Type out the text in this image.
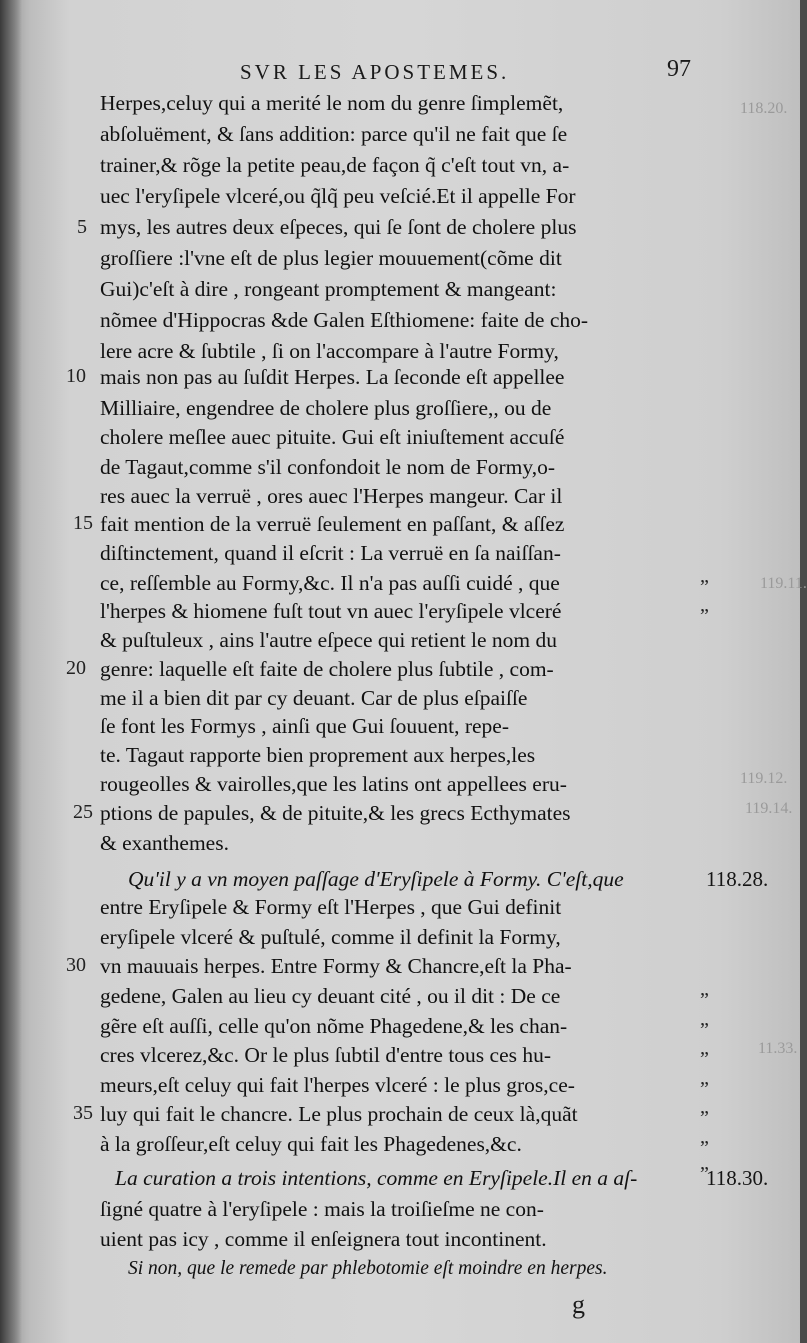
SVR LES APOSTEMES.	97
Herpes,celuy qui a merité le nom du genre ſimplemẽt,
abſoluëment, & ſans addition: parce qu'il ne fait que ſe
trainer,& rõge la petite peau,de façon q̃ c'eſt tout vn, a-
uec l'eryſipele vlceré,ou q̃lq̃ peu veſcié.Et il appelle For
mys, les autres deux eſpeces, qui ſe ſont de cholere plus
groſſiere :l'vne eſt de plus legier mouuement(cõme dit
Gui)c'eſt à dire , rongeant promptement & mangeant:
nõmee d'Hippocras &de Galen Eſthiomene: faite de cho-
lere acre & ſubtile , ſi on l'accompare à l'autre Formy,
mais non pas au ſuſdit Herpes. La ſeconde eſt appellee
Milliaire, engendree de cholere plus groſſiere,, ou de
cholere meſlee auec pituite. Gui eſt iniuſtement accuſé
de Tagaut,comme s'il confondoit le nom de Formy,o-
res auec la verruë , ores auec l'Herpes mangeur. Car il
fait mention de la verruë ſeulement en paſſant, & aſſez
diſtinctement, quand il eſcrit : La verruë en ſa naiſſan-
ce, reſſemble au Formy,&c. Il n'a pas auſſi cuidé , que
l'herpes & hiomene fuſt tout vn auec l'eryſipele vlceré
& puſtuleux , ains l'autre eſpece qui retient le nom du
genre: laquelle eſt faite de cholere plus ſubtile , com-
me il a bien dit par cy deuant. Car de plus eſpaiſſe
ſe font les Formys , ainſi que Gui ſouuent, repe-
te. Tagaut rapporte bien proprement aux herpes,les
rougeolles & vairolles,que les latins ont appellees eru-
ptions de papules, & de pituite,& les grecs Ecthymates
& exanthemes.
Qu'il y a vn moyen paſſage d'Eryſipele à Formy. C'eſt,que
entre Eryſipele & Formy eſt l'Herpes , que Gui definit
eryſipele vlceré & puſtulé, comme il definit la Formy,
vn mauuais herpes. Entre Formy & Chancre,eſt la Pha-
gedene, Galen au lieu cy deuant cité , ou il dit : De ce
gẽre eſt auſſi, celle qu'on nõme Phagedene,& les chan-
cres vlcerez,&c. Or le plus ſubtil d'entre tous ces hu-
meurs,eſt celuy qui fait l'herpes vlceré : le plus gros,ce-
luy qui fait le chancre. Le plus prochain de ceux là,quãt
à la groſſeur,eſt celuy qui fait les Phagedenes,&c.
La curation a trois intentions, comme en Eryſipele.Il en a aſ-
ſigné quatre à l'eryſipele : mais la troiſieſme ne con-
uient pas icy , comme il enſeignera tout incontinent.
Si non, que le remede par phlebotomie eſt moindre en herpes.
5
10
15
20
25
30
35
118.28.
118.30.
„
„
„
„
„
„
„
„
„
119.11.
119.12.
119.14.
118.20.
11.33.
g
